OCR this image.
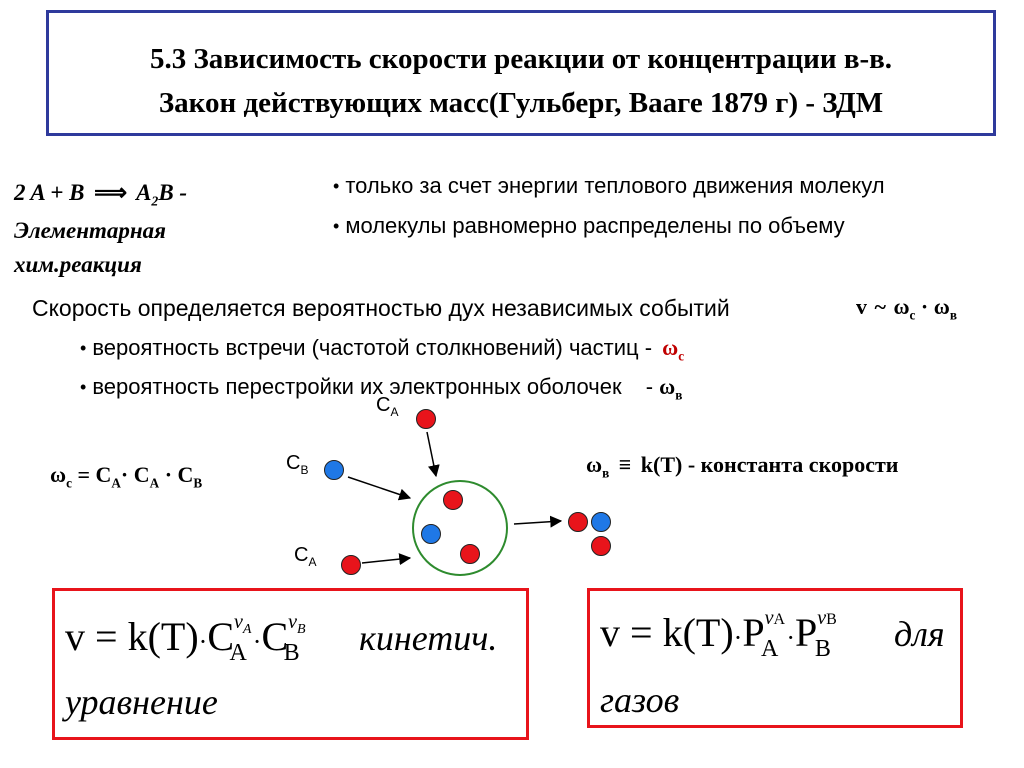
5.3 Зависимость скорости реакции от концентрации в-в.
Закон действующих масс(Гульберг, Вааге 1879 г) - ЗДМ
2 A + B ⟹ $A_2B$ -
Элементарная
хим.реакция
• только за счет энергии теплового движения молекул
• молекулы равномерно распределены по объему
Скорость определяется вероятностью дух независимых событий	v ~ $\omega_c \cdot \omega_в$
• вероятность встречи (частотой столкновений) частиц - $\omega_c$
• вероятность перестройки их электронных оболочек - $\omega_в$
$\omega_c = C_A\cdot C_A \cdot C_B$
$\omega_в \equiv k(T)$ - константа скорости
$C_A$
$C_B$
$C_A$
$v = k(T)\cdot C^{\nu_A}_A \cdot C^{\nu_B}_B$ кинетич.
уравнение
$v = k(T)\cdot P^{\nu A}_A \cdot P^{\nu B}_B$ для
газов
